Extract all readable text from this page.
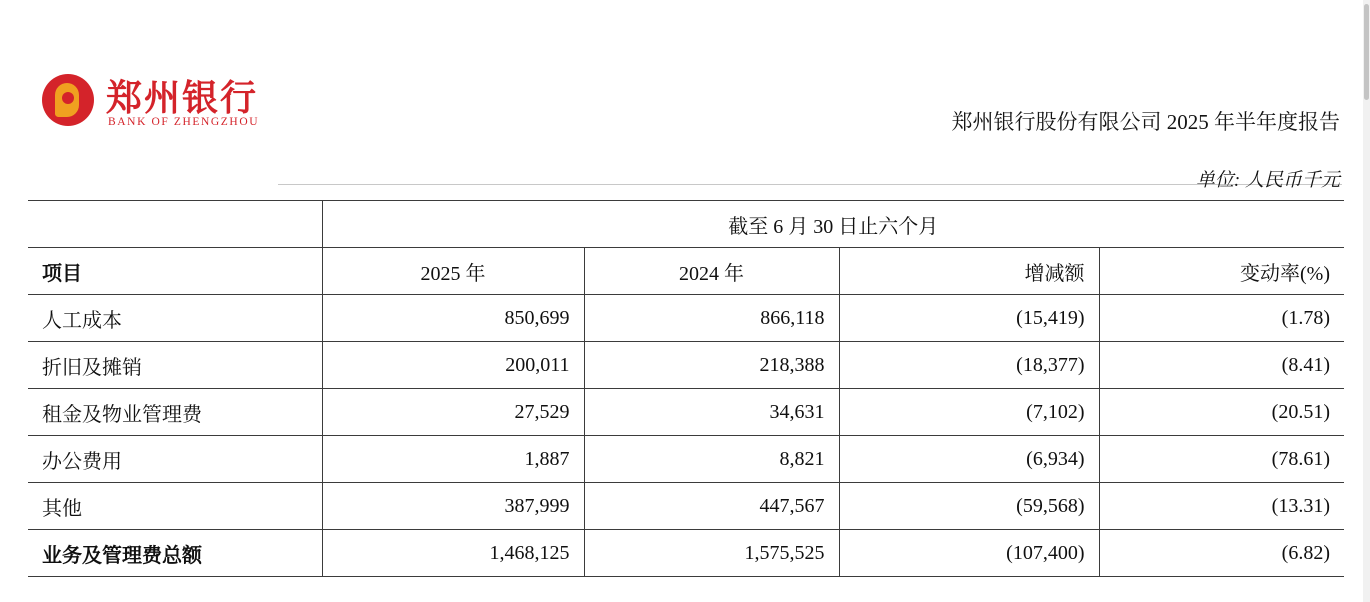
郑州银行
BANK OF ZHENGZHOU	郑州银行股份有限公司 2025 年半年度报告
单位: 人民币千元
	截至 6 月 30 日止六个月			
项目	2025 年	2024 年	增减额	变动率(%)
人工成本	850,699	866,118	(15,419)	(1.78)
折旧及摊销	200,011	218,388	(18,377)	(8.41)
租金及物业管理费	27,529	34,631	(7,102)	(20.51)
办公费用	1,887	8,821	(6,934)	(78.61)
其他	387,999	447,567	(59,568)	(13.31)
业务及管理费总额	1,468,125	1,575,525	(107,400)	(6.82)
